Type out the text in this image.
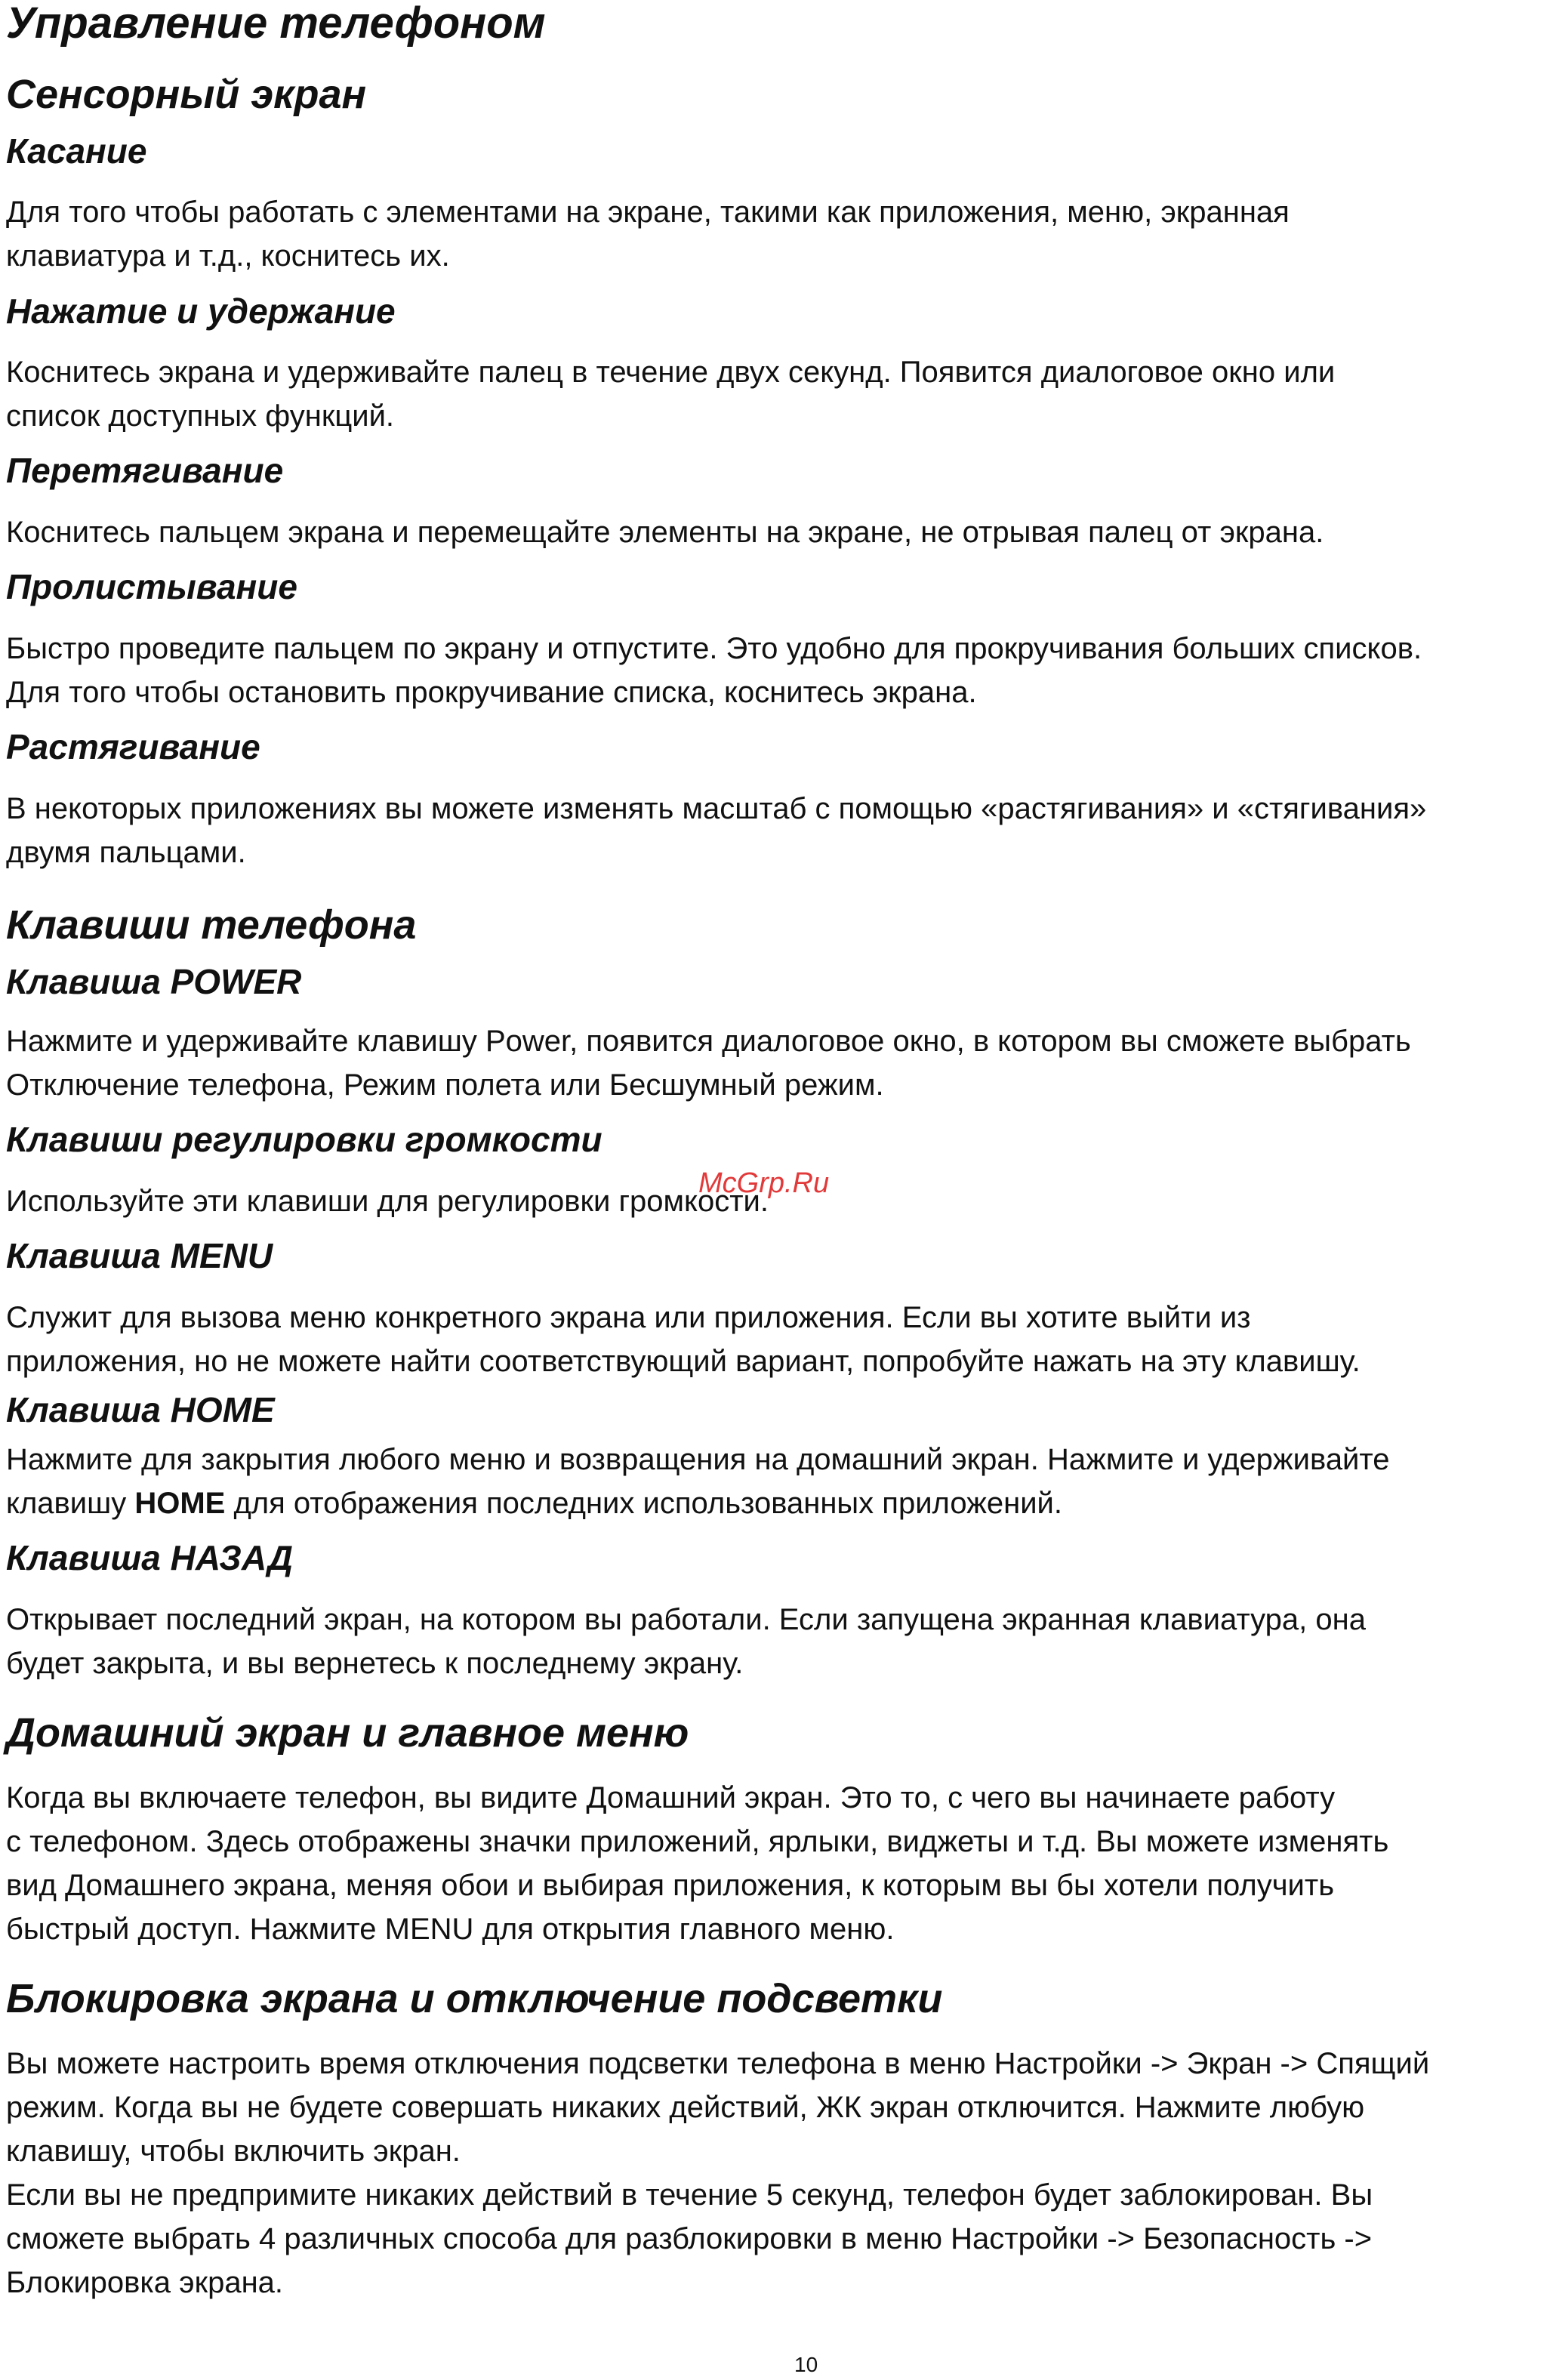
Управление телефоном
Сенсорный экран
Касание
Для того чтобы работать с элементами на экране, такими как приложения, меню, экранная
клавиатура и т.д., коснитесь их.
Нажатие и удержание
Коснитесь экрана и удерживайте палец в течение двух секунд. Появится диалоговое окно или
список доступных функций.
Перетягивание
Коснитесь пальцем экрана и перемещайте элементы на экране, не отрывая палец от экрана.
Пролистывание
Быстро проведите пальцем по экрану и отпустите. Это удобно для прокручивания больших списков.
Для того чтобы остановить прокручивание списка, коснитесь экрана.
Растягивание
В некоторых приложениях вы можете изменять масштаб с помощью «растягивания» и «стягивания»
двумя пальцами.
Клавиши телефона
Клавиша POWER
Нажмите и удерживайте клавишу Power, появится диалоговое окно, в котором вы сможете выбрать
Отключение телефона, Режим полета или Бесшумный режим.
Клавиши регулировки громкости
Используйте эти клавиши для регулировки громкости.
Клавиша MENU
Служит для вызова меню конкретного экрана или приложения. Если вы хотите выйти из
приложения, но не можете найти соответствующий вариант, попробуйте нажать на эту клавишу.
Клавиша HOME
Нажмите для закрытия любого меню и возвращения на домашний экран. Нажмите и удерживайте
клавишу HOME для отображения последних использованных приложений.
Клавиша НАЗАД
Открывает последний экран, на котором вы работали. Если запущена экранная клавиатура, она
будет закрыта, и вы вернетесь к последнему экрану.
Домашний экран и главное меню
Когда вы включаете телефон, вы видите Домашний экран. Это то, с чего вы начинаете работу
с телефоном. Здесь отображены значки приложений, ярлыки, виджеты и т.д. Вы можете изменять
вид Домашнего экрана, меняя обои и выбирая приложения, к которым вы бы хотели получить
быстрый доступ. Нажмите MENU для открытия главного меню.
Блокировка экрана и отключение подсветки
Вы можете настроить время отключения подсветки телефона в меню Настройки -> Экран -> Спящий
режим. Когда вы не будете совершать никаких действий, ЖК экран отключится. Нажмите любую
клавишу, чтобы включить экран.
Если вы не предпримите никаких действий в течение 5 секунд, телефон будет заблокирован. Вы
сможете выбрать 4 различных способа для разблокировки в меню Настройки -> Безопасность ->
Блокировка экрана.
McGrp.Ru
10
